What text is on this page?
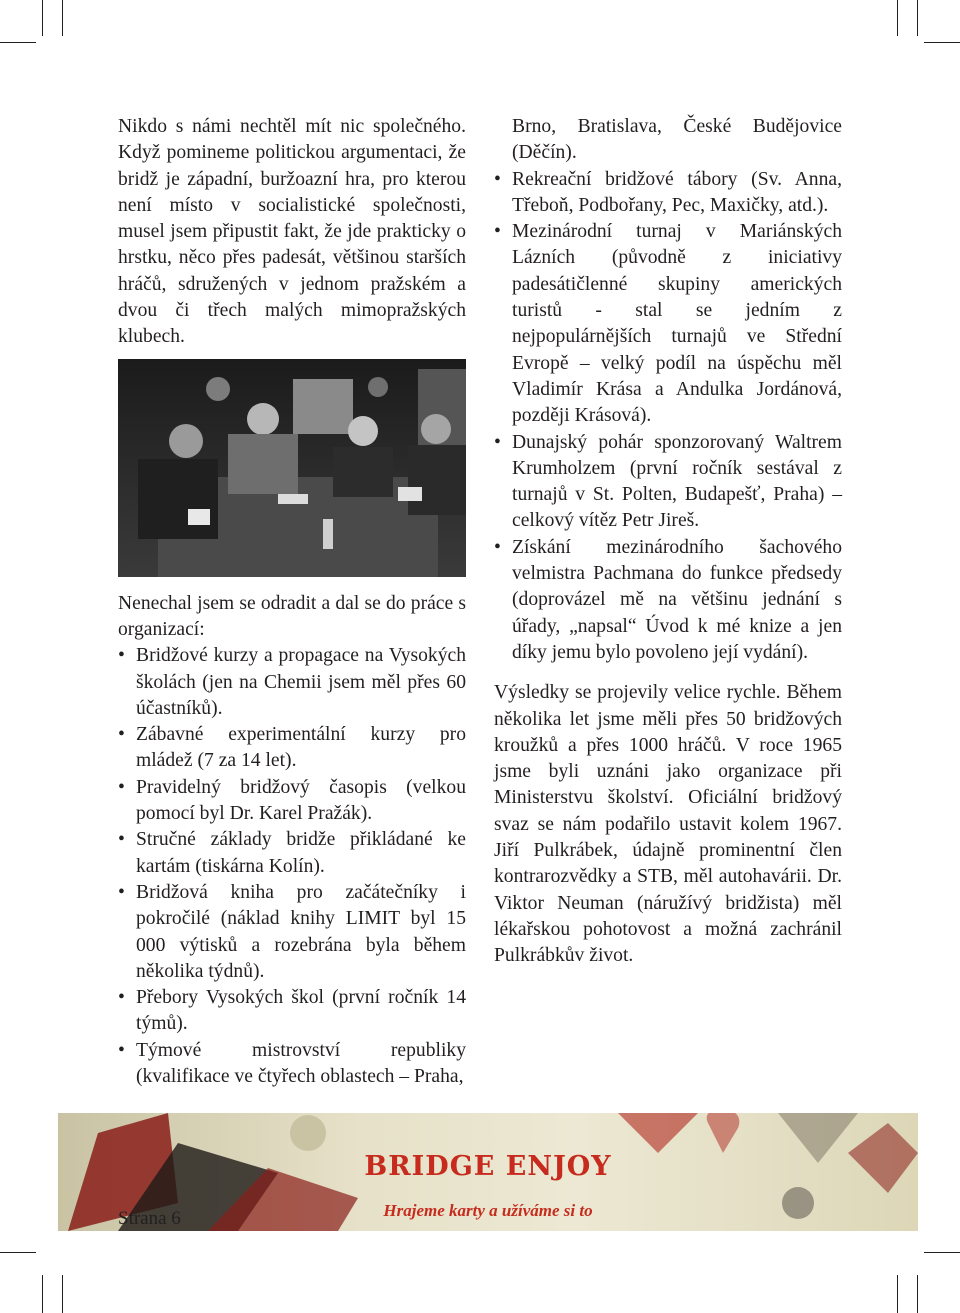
Nikdo s námi nechtěl mít nic společného. Když pomineme politickou argumentaci, že bridž je západní, buržoazní hra, pro kterou není místo v socialistické společnosti, musel jsem připustit fakt, že jde prakticky o hrstku, něco přes padesát, většinou starších hráčů, sdružených v jednom pražském a dvou či třech malých mimopražských klubech.

Nenechal jsem se odradit a dal se do práce s organizací:

• Bridžové kurzy a propagace na Vysokých školách (jen na Chemii jsem měl přes 60 účastníků).
• Zábavné experimentální kurzy pro mládež (7 za 14 let).
• Pravidelný bridžový časopis (velkou pomocí byl Dr. Karel Pražák).
• Stručné základy bridže přikládané ke kartám (tiskárna Kolín).
• Bridžová kniha pro začátečníky i pokročilé (náklad knihy LIMIT byl 15 000 výtisků a rozebrána byla během několika týdnů).
• Přebory Vysokých škol (první ročník 14 týmů).
• Týmové mistrovství republiky (kvalifikace ve čtyřech oblastech – Praha,

Brno, Bratislava, České Budějovice (Děčín).

• Rekreační bridžové tábory (Sv. Anna, Třeboň, Podbořany, Pec, Maxičky, atd.).
• Mezinárodní turnaj v Mariánských Lázních (původně z iniciativy padesátičlenné skupiny amerických turistů - stal se jedním z nejpopulárnějších turnajů ve Střední Evropě – velký podíl na úspěchu měl Vladimír Krása a Andulka Jordánová, později Krásová).
• Dunajský pohár sponzorovaný Waltrem Krumholzem (první ročník sestával z turnajů v St. Polten, Budapešť, Praha) – celkový vítěz Petr Jireš.
• Získání mezinárodního šachového velmistra Pachmana do funkce předsedy (doprovázel mě na většinu jednání s úřady, „napsal“ Úvod k mé knize a jen díky jemu bylo povoleno její vydání).

Výsledky se projevily velice rychle. Během několika let jsme měli přes 50 bridžových kroužků a přes 1000 hráčů. V roce 1965 jsme byli uznáni jako organizace při Ministerstvu školství. Oficiální bridžový svaz se nám podařilo ustavit kolem 1967. Jiří Pulkrábek, údajně prominentní člen kontrarozvědky a STB, měl autohavárii. Dr. Viktor Neuman (náružívý bridžista) měl lékařskou pohotovost a možná zachránil Pulkrábkův život.

BRIDGE ENJOY
Hrajeme karty a užíváme si to
Strana 6
